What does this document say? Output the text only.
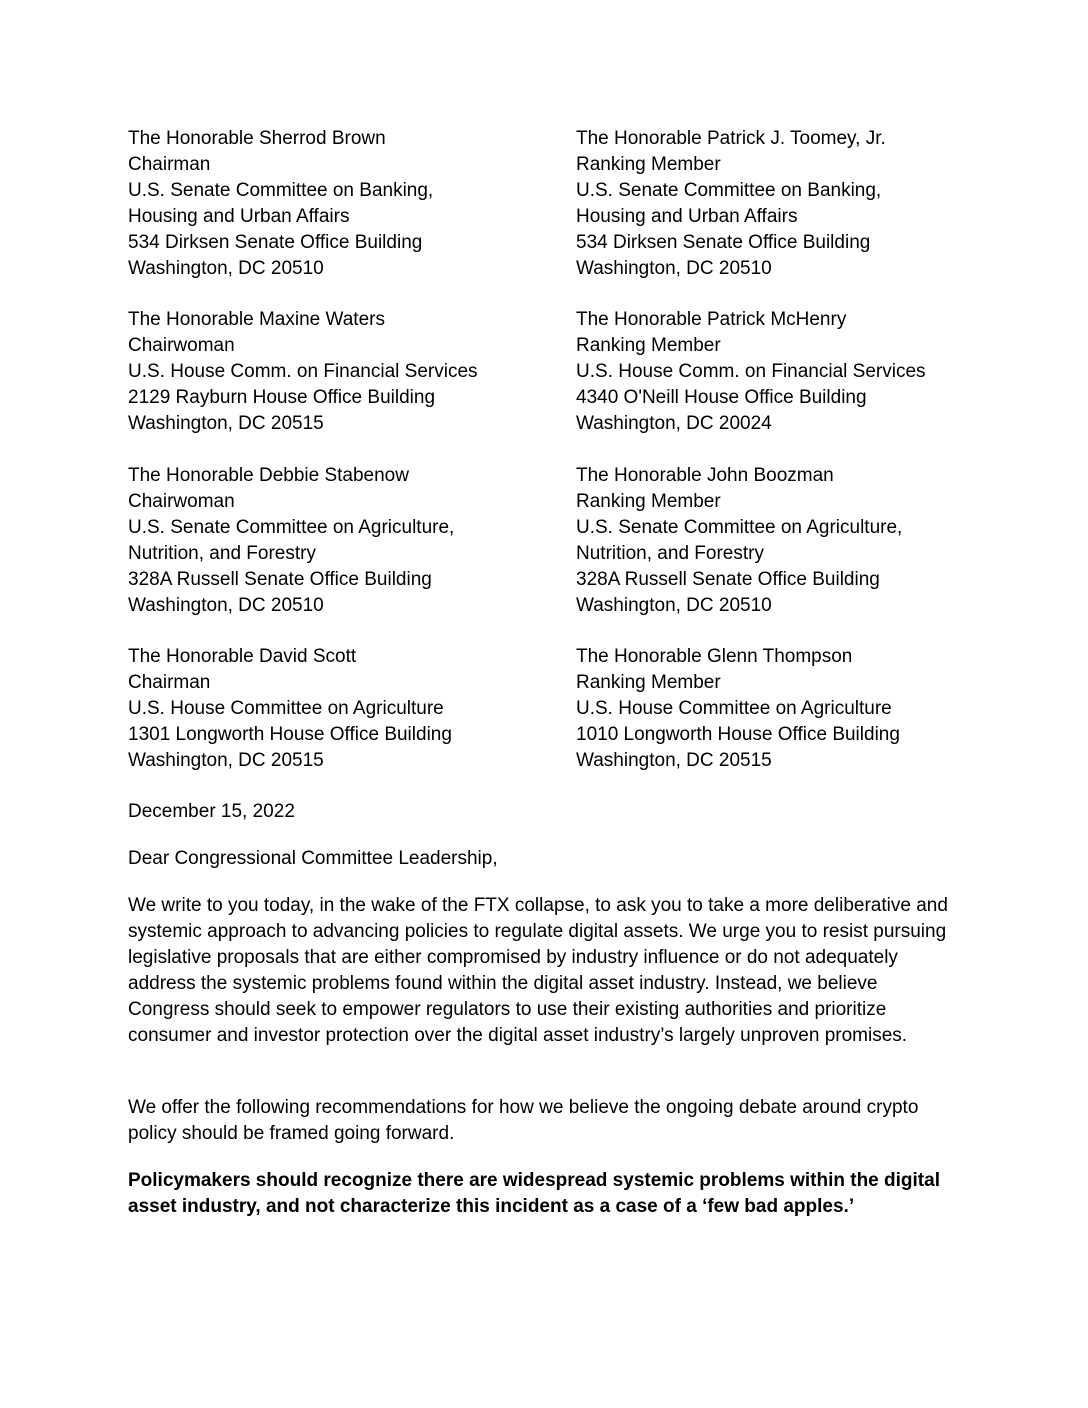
The Honorable Sherrod Brown
Chairman
U.S. Senate Committee on Banking,
Housing and Urban Affairs
534 Dirksen Senate Office Building
Washington, DC 20510
The Honorable Patrick J. Toomey, Jr.
Ranking Member
U.S. Senate Committee on Banking,
Housing and Urban Affairs
534 Dirksen Senate Office Building
Washington, DC 20510
The Honorable Maxine Waters
Chairwoman
U.S. House Comm. on Financial Services
2129 Rayburn House Office Building
Washington, DC 20515
The Honorable Patrick McHenry
Ranking Member
U.S. House Comm. on Financial Services
4340 O'Neill House Office Building
Washington, DC 20024
The Honorable Debbie Stabenow
Chairwoman
U.S. Senate Committee on Agriculture,
Nutrition, and Forestry
328A Russell Senate Office Building
Washington, DC 20510
The Honorable John Boozman
Ranking Member
U.S. Senate Committee on Agriculture,
Nutrition, and Forestry
328A Russell Senate Office Building
Washington, DC 20510
The Honorable David Scott
Chairman
U.S. House Committee on Agriculture
1301 Longworth House Office Building
Washington, DC 20515
The Honorable Glenn Thompson
Ranking Member
U.S. House Committee on Agriculture
1010 Longworth House Office Building
Washington, DC 20515
December 15, 2022
Dear Congressional Committee Leadership,

We write to you today, in the wake of the FTX collapse, to ask you to take a more deliberative and systemic approach to advancing policies to regulate digital assets. We urge you to resist pursuing legislative proposals that are either compromised by industry influence or do not adequately address the systemic problems found within the digital asset industry. Instead, we believe Congress should seek to empower regulators to use their existing authorities and prioritize consumer and investor protection over the digital asset industry’s largely unproven promises.

We offer the following recommendations for how we believe the ongoing debate around crypto policy should be framed going forward.

Policymakers should recognize there are widespread systemic problems within the digital asset industry, and not characterize this incident as a case of a ‘few bad apples.’
